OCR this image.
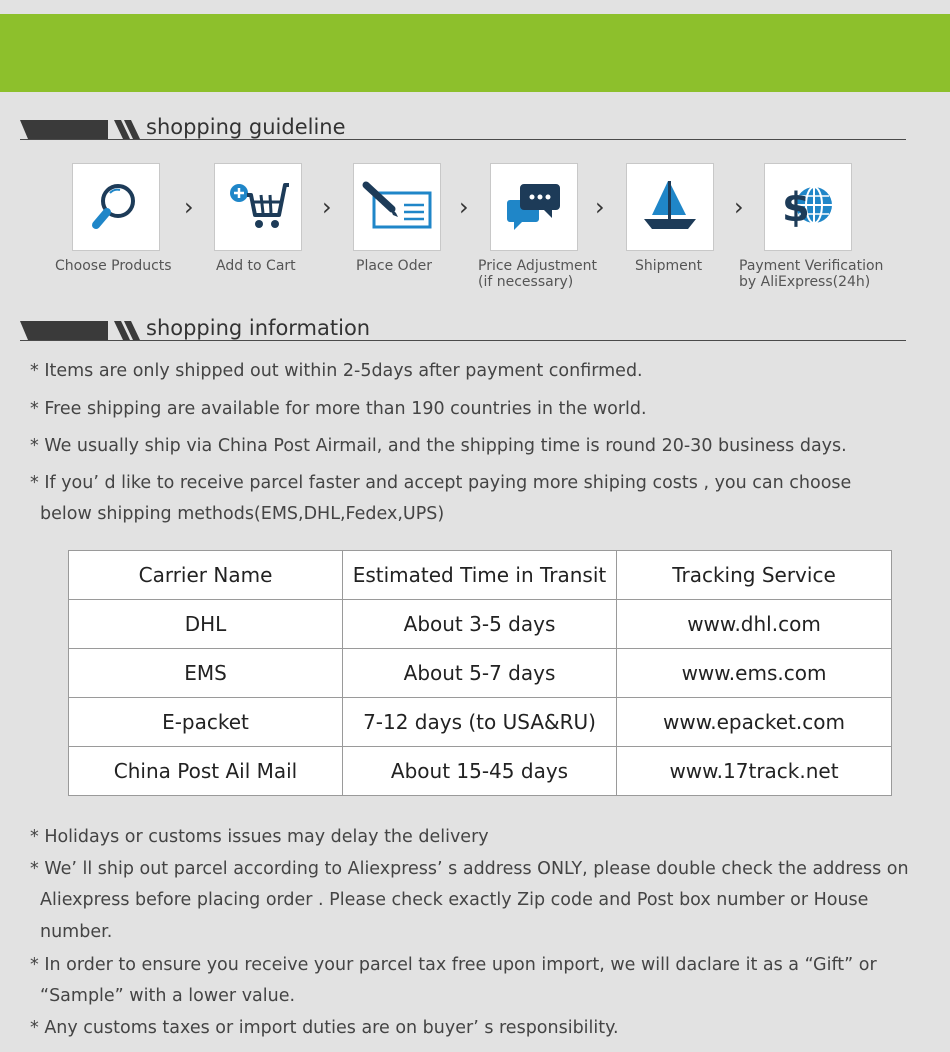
shopping guideline
›	›	›	›	› $
Choose Products	Add to Cart	Place Oder	Price Adjustment
(if necessary)
Shipment	Payment Verification
by AliExpress(24h)
shopping information
* Items are only shipped out within 2-5days after payment confirmed.
* Free shipping are available for more than 190 countries in the world.
* We usually ship via China Post Airmail, and the shipping time is round 20-30 business days.
* If you’ d like to receive parcel faster and accept paying more shiping costs , you can choose
below shipping methods(EMS,DHL,Fedex,UPS)
Carrier Name	Estimated Time in Transit	Tracking Service
DHL	About 3-5 days	www.dhl.com
EMS	About 5-7 days	www.ems.com
E-packet	7-12 days (to USA&RU)	www.epacket.com
China Post Ail Mail	About 15-45 days	www.17track.net
* Holidays or customs issues may delay the delivery
* We’ ll ship out parcel according to Aliexpress’ s address ONLY, please double check the address on
Aliexpress before placing order . Please check exactly Zip code and Post box number or House
number.
* In order to ensure you receive your parcel tax free upon import, we will daclare it as a “Gift” or
“Sample” with a lower value.
* Any customs taxes or import duties are on buyer’ s responsibility.
